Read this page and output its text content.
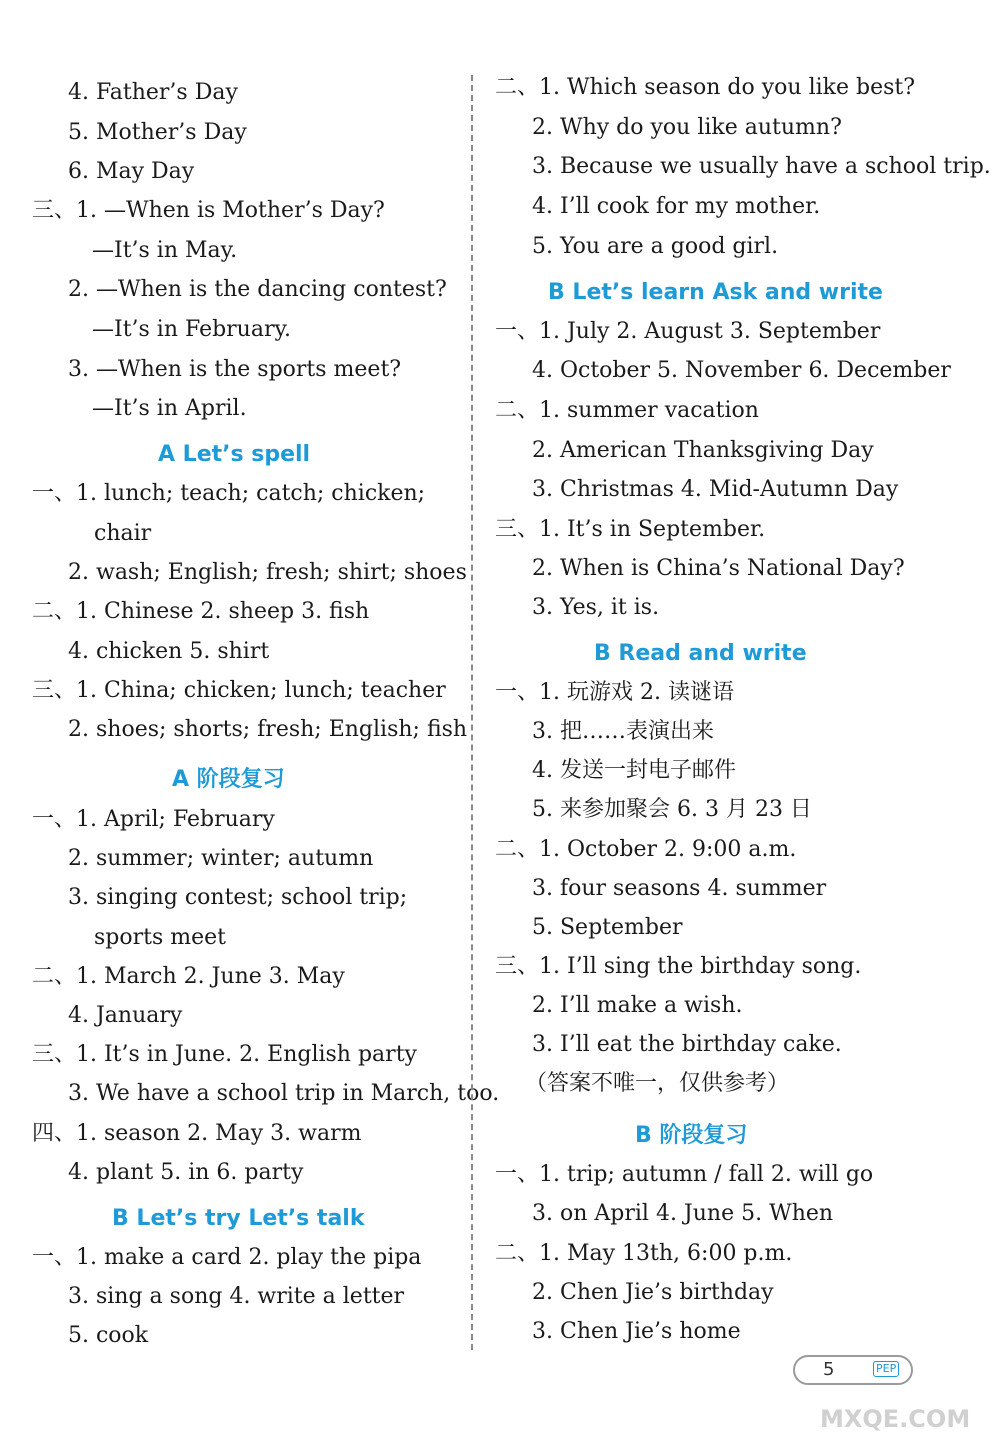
4. Father’s Day
5. Mother’s Day
6. May Day
三、1. —When is Mother’s Day?
—It’s in May.
2. —When is the dancing contest?
—It’s in February.
3. —When is the sports meet?
—It’s in April.
A Let’s spell
一、1. lunch; teach; catch; chicken;
chair
2. wash; English; fresh; shirt; shoes
二、1. Chinese 2. sheep 3. fish
4. chicken 5. shirt
三、1. China; chicken; lunch; teacher
2. shoes; shorts; fresh; English; fish
A 阶段复习
一、1. April; February
2. summer; winter; autumn
3. singing contest; school trip;
sports meet
二、1. March 2. June 3. May
4. January
三、1. It’s in June. 2. English party
3. We have a school trip in March, too.
四、1. season 2. May 3. warm
4. plant 5. in 6. party
B Let’s try Let’s talk
一、1. make a card 2. play the pipa
3. sing a song 4. write a letter
5. cook
二、1. Which season do you like best?
2. Why do you like autumn?
3. Because we usually have a school trip.
4. I’ll cook for my mother.
5. You are a good girl.
B Let’s learn Ask and write
一、1. July 2. August 3. September
4. October 5. November 6. December
二、1. summer vacation
2. American Thanksgiving Day
3. Christmas 4. Mid-Autumn Day
三、1. It’s in September.
2. When is China’s National Day?
3. Yes, it is.
B Read and write
一、1. 玩游戏 2. 读谜语
3. 把……表演出来
4. 发送一封电子邮件
5. 来参加聚会 6. 3 月 23 日
二、1. October 2. 9:00 a.m.
3. four seasons 4. summer
5. September
三、1. I’ll sing the birthday song.
2. I’ll make a wish.
3. I’ll eat the birthday cake.
（答案不唯一，仅供参考）
B 阶段复习
一、1. trip; autumn / fall 2. will go
3. on April 4. June 5. When
二、1. May 13th, 6:00 p.m.
2. Chen Jie’s birthday
3. Chen Jie’s home
5	PEP
MXQE.COM
